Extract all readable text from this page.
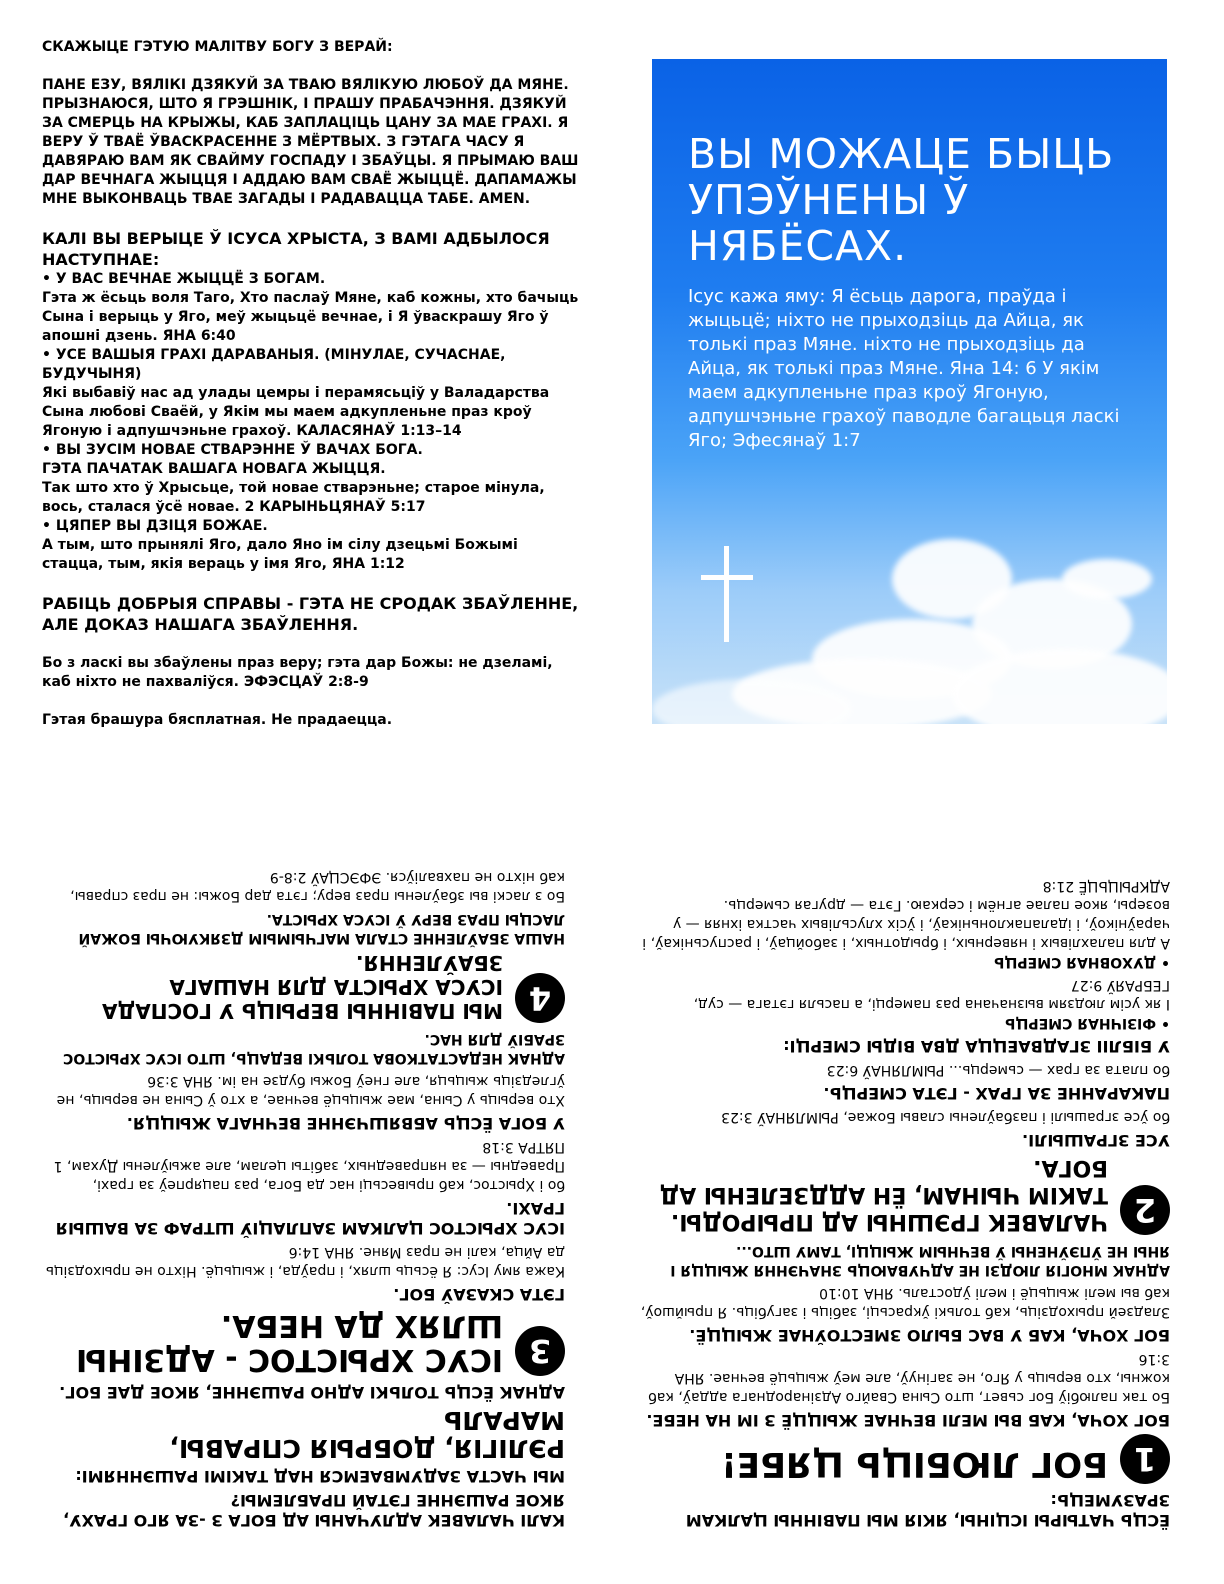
СКАЖЫЦЕ ГЭТУЮ МАЛІТВУ БОГУ З ВЕРАЙ:

ПАНЕ ЕЗУ, ВЯЛІКІ ДЗЯКУЙ ЗА ТВАЮ ВЯЛІКУЮ ЛЮБОЎ ДА МЯНЕ. ПРЫЗНАЮСЯ, ШТО Я ГРЭШНІК, І ПРАШУ ПРАБАЧЭННЯ. ДЗЯКУЙ ЗА СМЕРЦЬ НА КРЫЖЫ, КАБ ЗАПЛАЦІЦЬ ЦАНУ ЗА МАЕ ГРАХІ. Я ВЕРУ Ў ТВАЁ ЎВАСКРАСЕННЕ З МЁРТВЫХ. З ГЭТАГА ЧАСУ Я ДАВЯРАЮ ВАМ ЯК СВАЙМУ ГОСПАДУ І ЗБАЎЦЫ. Я ПРЫМАЮ ВАШ ДАР ВЕЧНАГА ЖЫЦЦЯ І АДДАЮ ВАМ СВАЁ ЖЫЦЦЁ. ДАПАМАЖЫ МНЕ ВЫКОНВАЦЬ ТВАЕ ЗАГАДЫ І РАДАВАЦЦА ТАБЕ. AMEN.

КАЛІ ВЫ ВЕРЫЦЕ Ў ІСУСА ХРЫСТА, З ВАМІ АДБЫЛОСЯ НАСТУПНАЕ:

• У ВАС ВЕЧНАЕ ЖЫЦЦЁ З БОГАМ.

Гэта ж ёсьць воля Таго, Хто паслаў Мяне, каб кожны, хто бачыць Сына і верыць у Яго, меў жыцьцё вечнае, і Я ўваскрашу Яго ў апошні дзень. ЯНА 6:40

• УСЕ ВАШЫЯ ГРАХІ ДАРАВАНЫЯ. (МІНУЛАЕ, СУЧАСНАЕ, БУДУЧЫНЯ)

Які выбавіў нас ад улады цемры і перамясьціў у Валадарства Сына любові Сваёй, у Якім мы маем адкупленьне праз кроў Ягоную і адпушчэньне грахоў. КАЛАСЯНАЎ 1:13–14

• ВЫ ЗУСІМ НОВАЕ СТВАРЭННЕ Ў ВАЧАХ БОГА.

ГЭТА ПАЧАТАК ВАШАГА НОВАГА ЖЫЦЦЯ.

Так што хто ў Хрысьце, той новае стварэньне; старое мінула, вось, сталася ўсё новае. 2 КАРЫНЬЦЯНАЎ 5:17

• ЦЯПЕР ВЫ ДЗІЦЯ БОЖАЕ.

А тым, што прынялі Яго, дало Яно ім сілу дзецьмі Божымі стацца, тым, якія вераць у імя Яго, ЯНА 1:12

РАБІЦЬ ДОБРЫЯ СПРАВЫ - ГЭТА НЕ СРОДАК ЗБАЎЛЕННЕ, АЛЕ ДОКАЗ НАШАГА ЗБАЎЛЕННЯ.

Бо з ласкі вы збаўлены праз веру; гэта дар Божы: не дзеламі, каб ніхто не пахваліўся. ЭФЭСЦАЎ 2:8-9

Гэтая брашура бясплатная. Не прадаецца.

ВЫ МОЖАЦЕ БЫЦЬ УПЭЎНЕНЫ Ў НЯБЁСАХ.
Ісус кажа яму: Я ёсьць дарога, праўда і жыцьцё; ніхто не прыходзіць да Айца, як толькі праз Мяне. ніхто не прыходзіць да Айца, як толькі праз Мяне. Яна 14: 6 У якім маем адкупленьне праз кроў Ягоную, адпушчэньне грахоў паводле багацьця ласкі Яго; Эфесянаў 1:7

КАЛІ ЧАЛАВЕК АДЛУЧАНЫ АД БОГА З -ЗА ЯГО ГРАХУ, ЯКОЕ РАШЭННЕ ГЭТАЙ ПРАБЛЕМЫ?

МЫ ЧАСТА ЗАДУМВАЕМСЯ НАД ТАКІМІ РАШЭННЯМІ:

РЭЛІГІЯ, ДОБРЫЯ СПРАВЫ, МАРАЛЬ

АДНАК ЁСЦЬ ТОЛЬКІ АДНО РАШЭННЕ, ЯКОЕ ДАЕ БОГ.

3
ІСУС ХРЫСТОС - АДЗІНЫ ШЛЯХ ДА НЕБА.

ГЭТА СКАЗАЎ БОГ.

Кажа яму Ісус: Я ёсьць шлях, і праўда, і жыцьцё. Ніхто не прыходзіць да Айца, калі не праз Мяне. ЯНА 14:6

ІСУС ХРЫСТОС ЦАЛКАМ ЗАПЛАЦІЎ ШТРАФ ЗА ВАШЫЯ ГРАХІ.

бо і Хрыстос, каб прывесьці нас да Бога, раз пацярпеў за грахі, Праведны — за няправедных, забіты целам, але ажыўлены Духам, 1 ПЯТРА 3:18

У БОГА ЁСЦЬ АБВЯШЧЭННЕ ВЕЧНАГА ЖЫЦЦЯ.

Хто верыць у Сына, мае жыцьцё вечнае, а хто ў Сына не верыць, не ўгледзіць жыцьця, але гнеў Божы будзе на ім. ЯНА 3:36

АДНАК НЕДАСТАТКОВА ТОЛЬКІ ВЕДАЦЬ, ШТО ІСУС ХРЫСТОС ЗРАБІЎ ДЛЯ НАС.

4
МЫ ПАВІННЫ ВЕРЫЦЬ У ГОСПАДА ІСУСА ХРЫСТА ДЛЯ НАШАГА ЗБАЎЛЕННЯ.

НАША ЗБАЎЛЕННЕ СТАЛА МАГЧЫМЫМ ДЗЯКУЮЧЫ БОЖАЙ ЛАСЦЫ ПРАЗ ВЕРУ Ў ІСУСА ХРЫСТА.

Бо з ласкі вы збаўлены праз веру; гэта дар Божы: не праз справы, каб ніхто не пахваліўся. ЭФЭСЦАЎ 2:8-9

ЁСЦЬ ЧАТЫРЫ ІСЦІНЫ, ЯКІЯ МЫ ПАВІННЫ ЦАЛКАМ ЗРАЗУМЕЦЬ:

1
БОГ ЛЮБІЦЬ ЦЯБЕ!

БОГ ХОЧА, КАБ ВЫ МЕЛІ ВЕЧНАЕ ЖЫЦЦЁ З ІМ НА НЕБЕ.

Бо так палюбіў Бог сьвет, што Сына Свайго Адзінароднага аддаў, каб кожны, хто верыць у Яго, не загінуў, але меў жыцьцё вечнае. ЯНА 3:16

БОГ ХОЧА, КАБ У ВАС БЫЛО ЗМЕСТОЎНАЕ ЖЫЦЦЁ.

Зладзей прыходзіць, каб толькі ўкрасьці, забіць і загубіць. Я прыйшоў, каб вы мелі жыцьцё і мелі ўдосталь. ЯНА 10:10

АДНАК МНОГІЯ ЛЮДЗІ НЕ АДЧУВАЮЦЬ ЗНАЧЭННЯ ЖЫЦЦЯ І ЯНЫ НЕ ЎПЭЎНЕНЫ Ў ВЕЧНЫМ ЖЫЦЦІ, ТАМУ ШТО...

2
ЧАЛАВЕК ГРЭШНЫ АД ПРЫРОДЫ. ТАКІМ ЧЫНАМ, ЁН АДДЗЕЛЕНЫ АД БОГА.

УСЕ ЗГРАШЫЛІ.

бо ўсе зграшылі і пазбаўлены славы Божае, РЫМЛЯНАЎ 3:23

ПАКАРАННЕ ЗА ГРАХ - ГЭТА СМЕРЦЬ.

бо плата за грах — сьмерць... РЫМЛЯНАЎ 6:23

У БІБЛІІ ЗГАДВАЕЦЦА ДВА ВІДЫ СМЕРЦІ:

• ФІЗІЧНАЯ СМЕРЦЬ

І як усім людзям вызначана раз памерці, а пасьля гэтага — суд, ГЕБРАЯЎ 9:27

• ДУХОВНАЯ СМЕРЦЬ

А для палахлівых і няверных, і брыдотных, і забойцаў, і распусьнікаў, і чараўнікоў, і ідалапаклоньнікаў, і ўсіх хлусьлівых частка іхняя — у возеры, якое палае агнём і серкаю. Гэта — другая сьмерць. АДКРЫЦЬЦЁ 21:8
